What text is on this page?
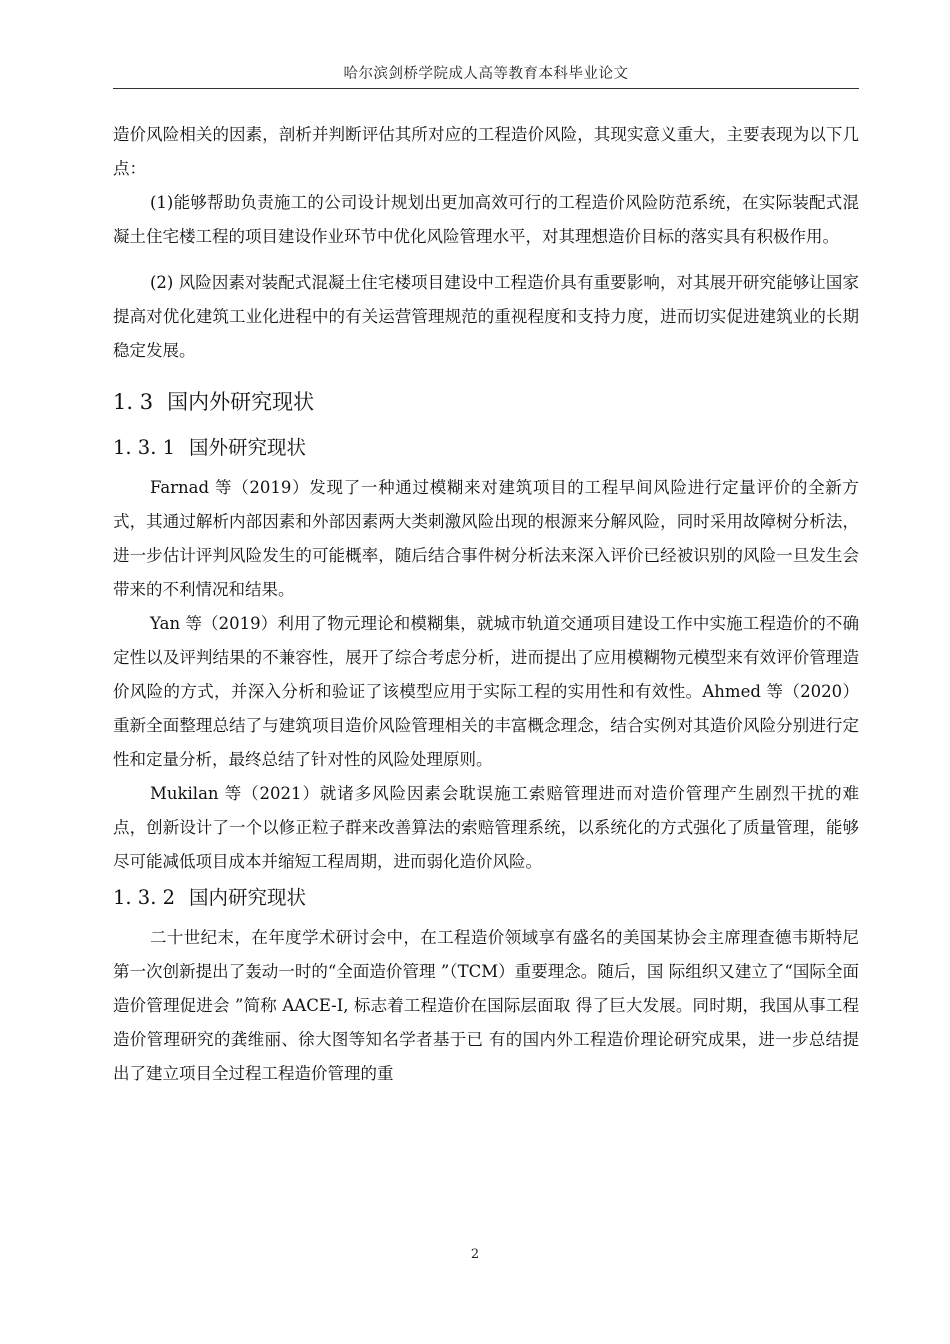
哈尔滨剑桥学院成人高等教育本科毕业论文

造价风险相关的因素，剖析并判断评估其所对应的工程造价风险，其现实意义重大，主要表现为以下几点：

(1)能够帮助负责施工的公司设计规划出更加高效可行的工程造价风险防范系统，在实际装配式混凝土住宅楼工程的项目建设作业环节中优化风险管理水平，对其理想造价目标的落实具有积极作用。

(2) 风险因素对装配式混凝土住宅楼项目建设中工程造价具有重要影响，对其展开研究能够让国家提高对优化建筑工业化进程中的有关运营管理规范的重视程度和支持力度，进而切实促进建筑业的长期稳定发展。

1. 3 国内外研究现状
1. 3. 1 国外研究现状

Farnad 等（2019）发现了一种通过模糊来对建筑项目的工程早间风险进行定量评价的全新方式，其通过解析内部因素和外部因素两大类刺激风险出现的根源来分解风险，同时采用故障树分析法，进一步估计评判风险发生的可能概率，随后结合事件树分析法来深入评价已经被识别的风险一旦发生会带来的不利情况和结果。

Yan 等（2019）利用了物元理论和模糊集，就城市轨道交通项目建设工作中实施工程造价的不确定性以及评判结果的不兼容性，展开了综合考虑分析，进而提出了应用模糊物元模型来有效评价管理造价风险的方式，并深入分析和验证了该模型应用于实际工程的实用性和有效性。Ahmed 等（2020）重新全面整理总结了与建筑项目造价风险管理相关的丰富概念理念，结合实例对其造价风险分别进行定性和定量分析，最终总结了针对性的风险处理原则。

Mukilan 等（2021）就诸多风险因素会耽误施工索赔管理进而对造价管理产生剧烈干扰的难点，创新设计了一个以修正粒子群来改善算法的索赔管理系统，以系统化的方式强化了质量管理，能够尽可能减低项目成本并缩短工程周期，进而弱化造价风险。

1. 3. 2 国内研究现状

二十世纪末，在年度学术研讨会中，在工程造价领域享有盛名的美国某协会主席理查德韦斯特尼第一次创新提出了轰动一时的“全面造价管理 ”（TCM）重要理念。随后，国 际组织又建立了“国际全面造价管理促进会 ”简称 AACE-I, 标志着工程造价在国际层面取 得了巨大发展。同时期，我国从事工程造价管理研究的龚维丽、徐大图等知名学者基于已 有的国内外工程造价理论研究成果，进一步总结提出了建立项目全过程工程造价管理的重

2
